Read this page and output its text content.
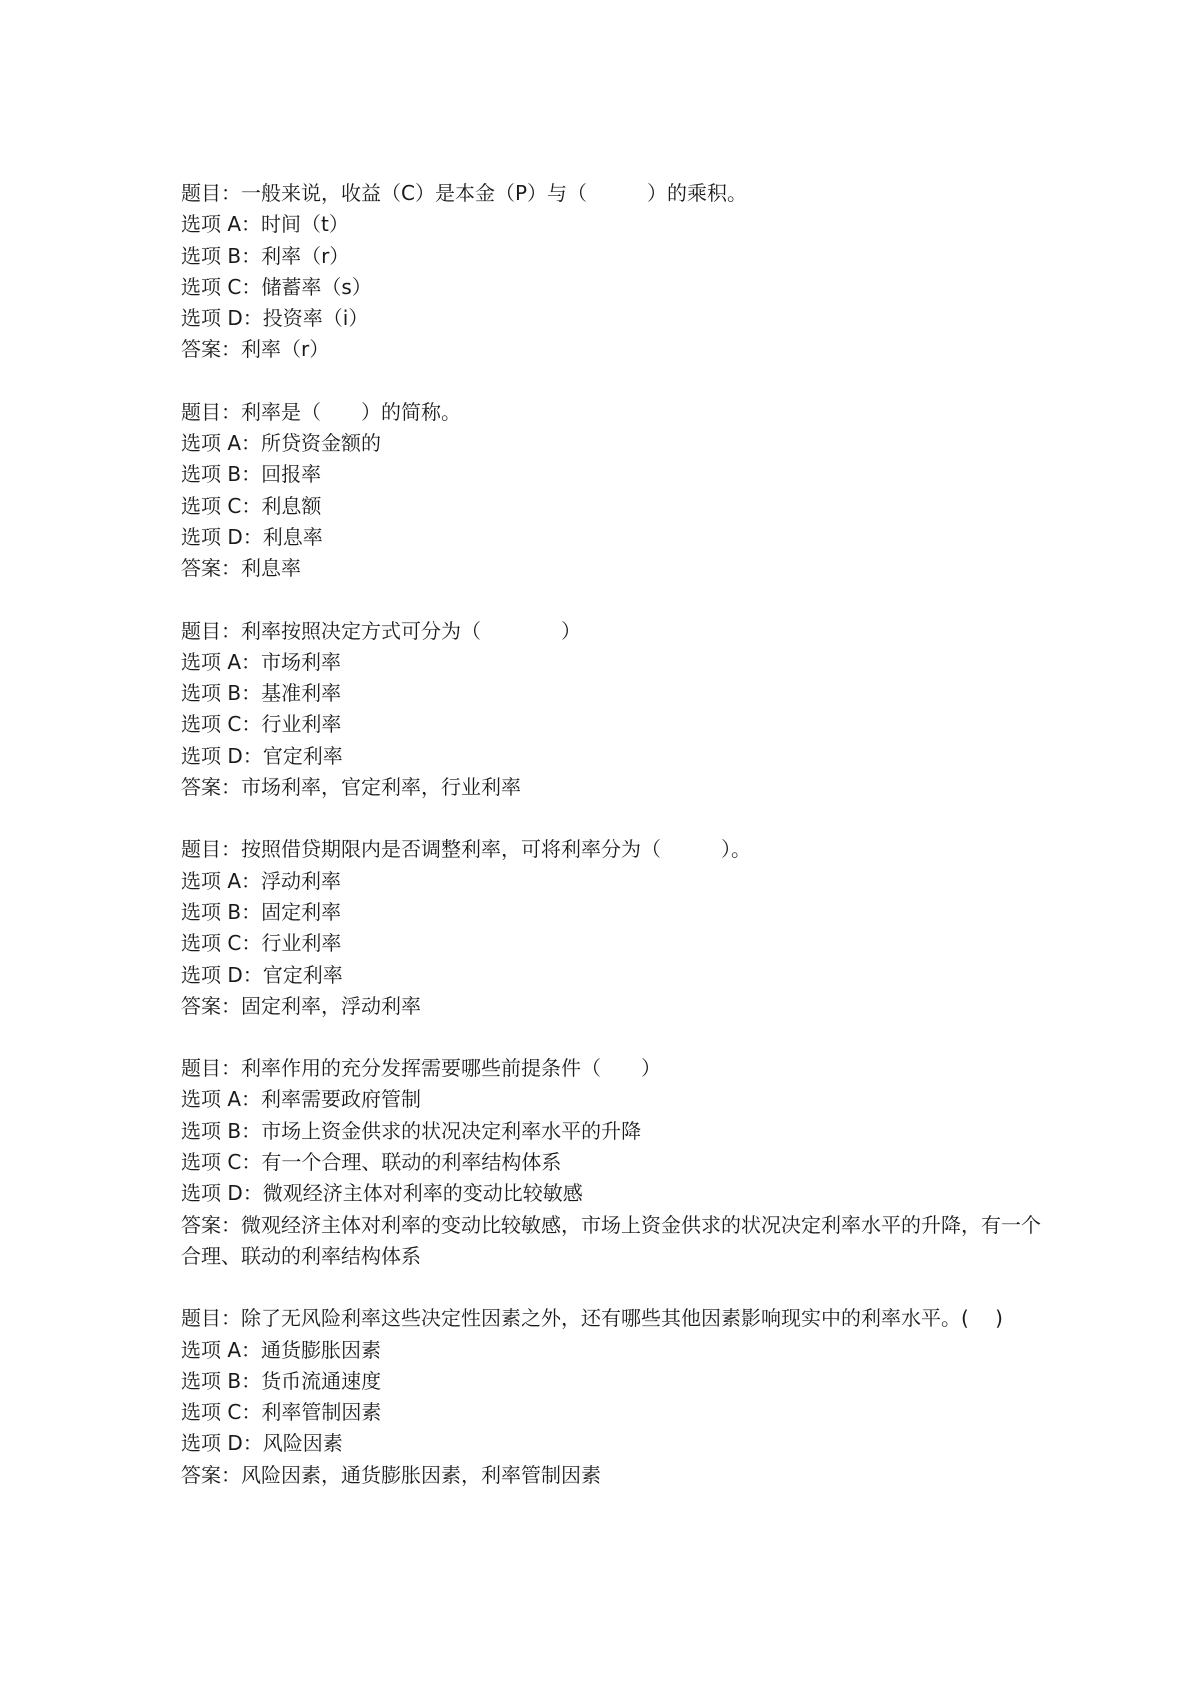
题目：一般来说，收益（C）是本金（P）与（　　　）的乘积。

选项 A：时间（t）

选项 B：利率（r）

选项 C：储蓄率（s）

选项 D：投资率（i）

答案：利率（r）

题目：利率是（　　）的简称。

选项 A：所贷资金额的

选项 B：回报率

选项 C：利息额

选项 D：利息率

答案：利息率

题目：利率按照决定方式可分为（　　　　）

选项 A：市场利率

选项 B：基准利率

选项 C：行业利率

选项 D：官定利率

答案：市场利率，官定利率，行业利率

题目：按照借贷期限内是否调整利率，可将利率分为（　　　）。

选项 A：浮动利率

选项 B：固定利率

选项 C：行业利率

选项 D：官定利率

答案：固定利率，浮动利率

题目：利率作用的充分发挥需要哪些前提条件（　　）

选项 A：利率需要政府管制

选项 B：市场上资金供求的状况决定利率水平的升降

选项 C：有一个合理、联动的利率结构体系

选项 D：微观经济主体对利率的变动比较敏感

答案：微观经济主体对利率的变动比较敏感，市场上资金供求的状况决定利率水平的升降，有一个合理、联动的利率结构体系

题目：除了无风险利率这些决定性因素之外，还有哪些其他因素影响现实中的利率水平。(　 )

选项 A：通货膨胀因素

选项 B：货币流通速度

选项 C：利率管制因素

选项 D：风险因素

答案：风险因素，通货膨胀因素，利率管制因素
